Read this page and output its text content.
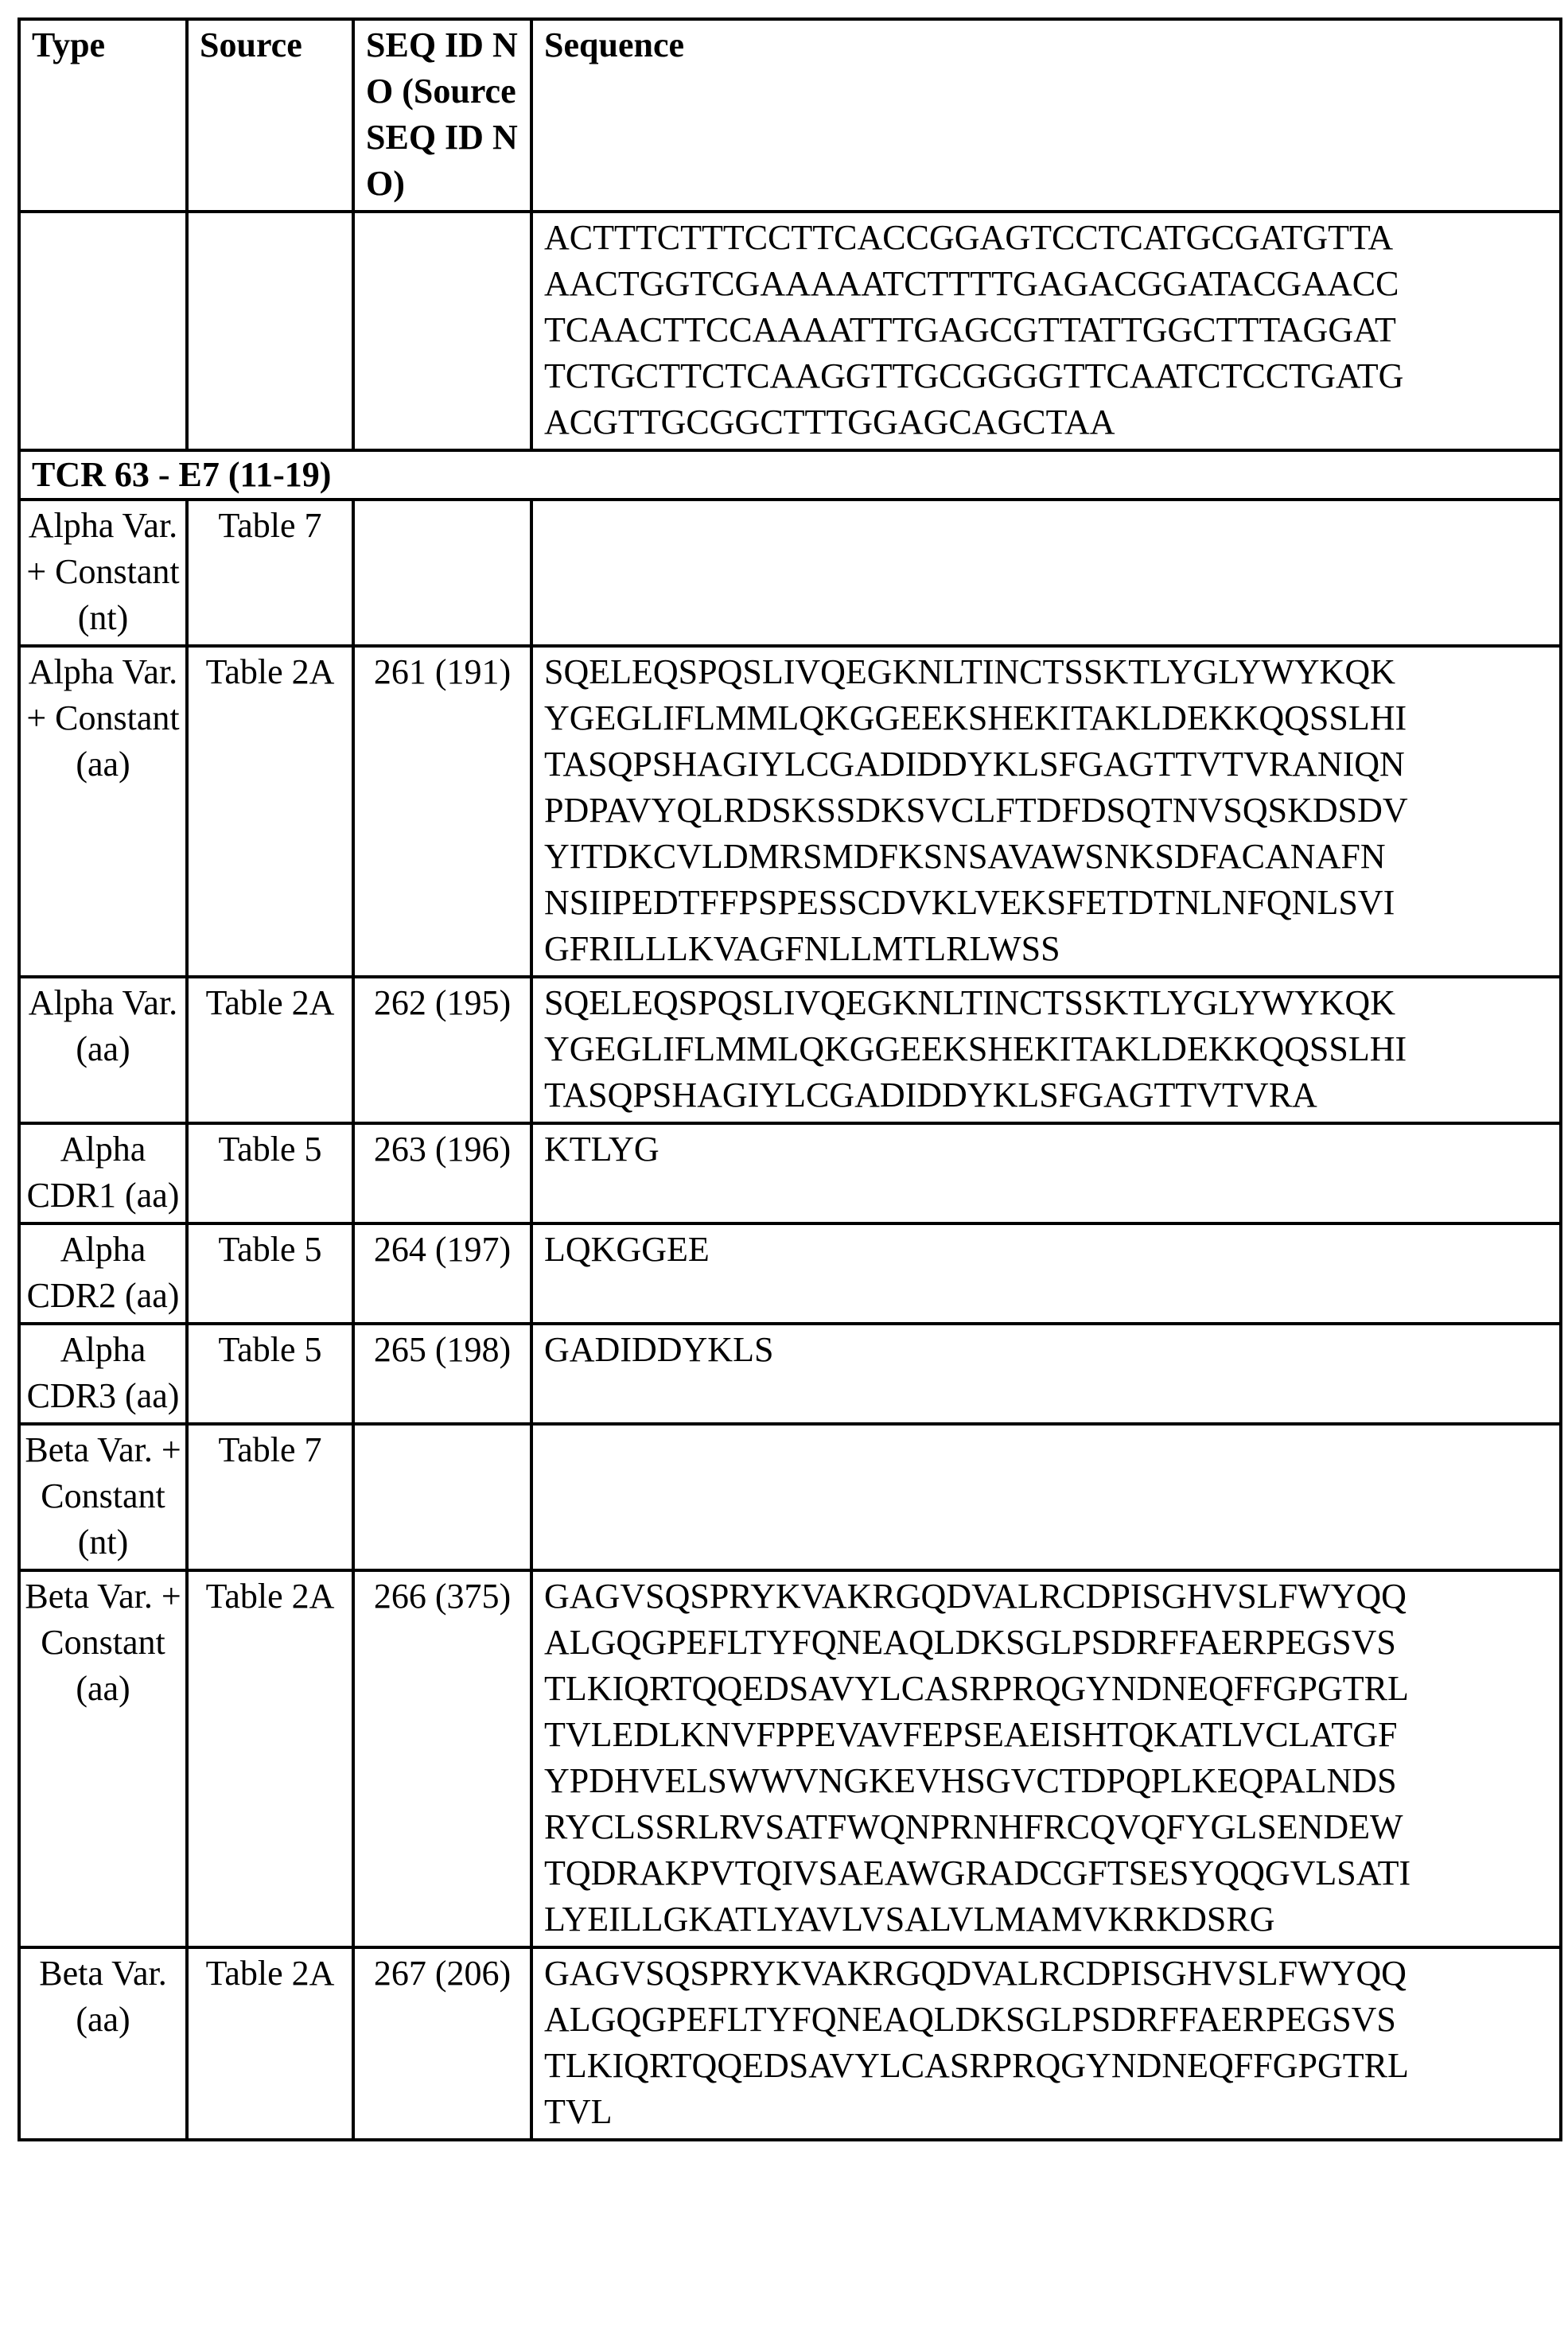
Type	Source	SEQ ID NO (Source SEQ ID NO)	Sequence
			ACTTTCTTTCCTTCACCGGAGTCCTCATGCGATGTTA
AACTGGTCGAAAAATCTTTTGAGACGGATACGAACC
TCAACTTCCAAAATTTGAGCGTTATTGGCTTTAGGAT
TCTGCTTCTCAAGGTTGCGGGGTTCAATCTCCTGATG
ACGTTGCGGCTTTGGAGCAGCTAA
TCR 63 - E7 (11-19)
Alpha Var. + Constant (nt)	Table 7		
Alpha Var. + Constant (aa)	Table 2A	261 (191)	SQELEQSPQSLIVQEGKNLTINCTSSKTLYGLYWYKQK
YGEGLIFLMMLQKGGEEKSHEKITAKLDEKKQQSSLHI
TASQPSHAGIYLCGADIDDYKLSFGAGTTVTVRANIQN
PDPAVYQLRDSKSSDKSVCLFTDFDSQTNVSQSKDSDV
YITDKCVLDMRSMDFKSNSAVAWSNKSDFACANAFN
NSIIPEDTFFPSPESSCDVKLVEKSFETDTNLNFQNLSVI
GFRILLLKVAGFNLLMTLRLWSS
Alpha Var. (aa)	Table 2A	262 (195)	SQELEQSPQSLIVQEGKNLTINCTSSKTLYGLYWYKQK
YGEGLIFLMMLQKGGEEKSHEKITAKLDEKKQQSSLHI
TASQPSHAGIYLCGADIDDYKLSFGAGTTVTVRA
Alpha CDR1 (aa)	Table 5	263 (196)	KTLYG
Alpha CDR2 (aa)	Table 5	264 (197)	LQKGGEE
Alpha CDR3 (aa)	Table 5	265 (198)	GADIDDYKLS
Beta Var. + Constant (nt)	Table 7		
Beta Var. + Constant (aa)	Table 2A	266 (375)	GAGVSQSPRYKVAKRGQDVALRCDPISGHVSLFWYQQ
ALGQGPEFLTYFQNEAQLDKSGLPSDRFFAERPEGSVS
TLKIQRTQQEDSAVYLCASRPRQGYNDNEQFFGPGTRL
TVLEDLKNVFPPEVAVFEPSEAEISHTQKATLVCLATGF
YPDHVELSWWVNGKEVHSGVCTDPQPLKEQPALNDS
RYCLSSRLRVSATFWQNPRNHFRCQVQFYGLSENDEW
TQDRAKPVTQIVSAEAWGRADCGFTSESYQQGVLSATI
LYEILLGKATLYAVLVSALVLMAMVKRKDSRG
Beta Var. (aa)	Table 2A	267 (206)	GAGVSQSPRYKVAKRGQDVALRCDPISGHVSLFWYQQ
ALGQGPEFLTYFQNEAQLDKSGLPSDRFFAERPEGSVS
TLKIQRTQQEDSAVYLCASRPRQGYNDNEQFFGPGTRL
TVL
